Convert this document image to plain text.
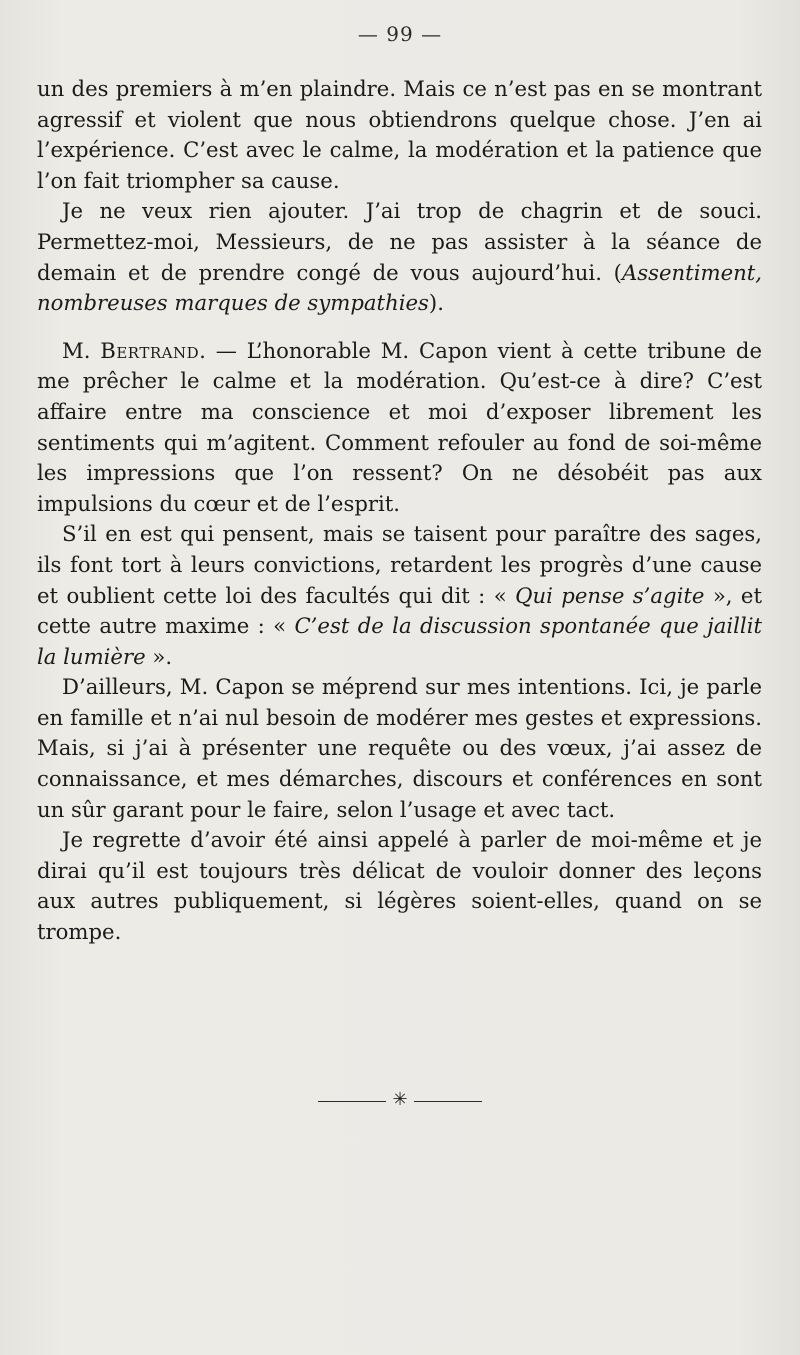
— 99 —

un des premiers à m’en plaindre. Mais ce n’est pas en se montrant agressif et violent que nous obtiendrons quelque chose. J’en ai l’expérience. C’est avec le calme, la modération et la patience que l’on fait triompher sa cause.

Je ne veux rien ajouter. J’ai trop de chagrin et de souci. Permettez-moi, Messieurs, de ne pas assister à la séance de demain et de prendre congé de vous aujourd’hui. (Assentiment, nombreuses marques de sympathies).

M. Bertrand. — L’honorable M. Capon vient à cette tribune de me prêcher le calme et la modération. Qu’est-ce à dire? C’est affaire entre ma conscience et moi d’exposer librement les sentiments qui m’agitent. Comment refouler au fond de soi-même les impressions que l’on ressent? On ne désobéit pas aux impulsions du cœur et de l’esprit.

S’il en est qui pensent, mais se taisent pour paraître des sages, ils font tort à leurs convictions, retardent les progrès d’une cause et oublient cette loi des facultés qui dit : « Qui pense s’agite », et cette autre maxime : « C’est de la discussion spontanée que jaillit la lumière ».

D’ailleurs, M. Capon se méprend sur mes intentions. Ici, je parle en famille et n’ai nul besoin de modérer mes gestes et expressions. Mais, si j’ai à présenter une requête ou des vœux, j’ai assez de connaissance, et mes démarches, discours et conférences en sont un sûr garant pour le faire, selon l’usage et avec tact.

Je regrette d’avoir été ainsi appelé à parler de moi-même et je dirai qu’il est toujours très délicat de vouloir donner des leçons aux autres publiquement, si légères soient-elles, quand on se trompe.

✳
